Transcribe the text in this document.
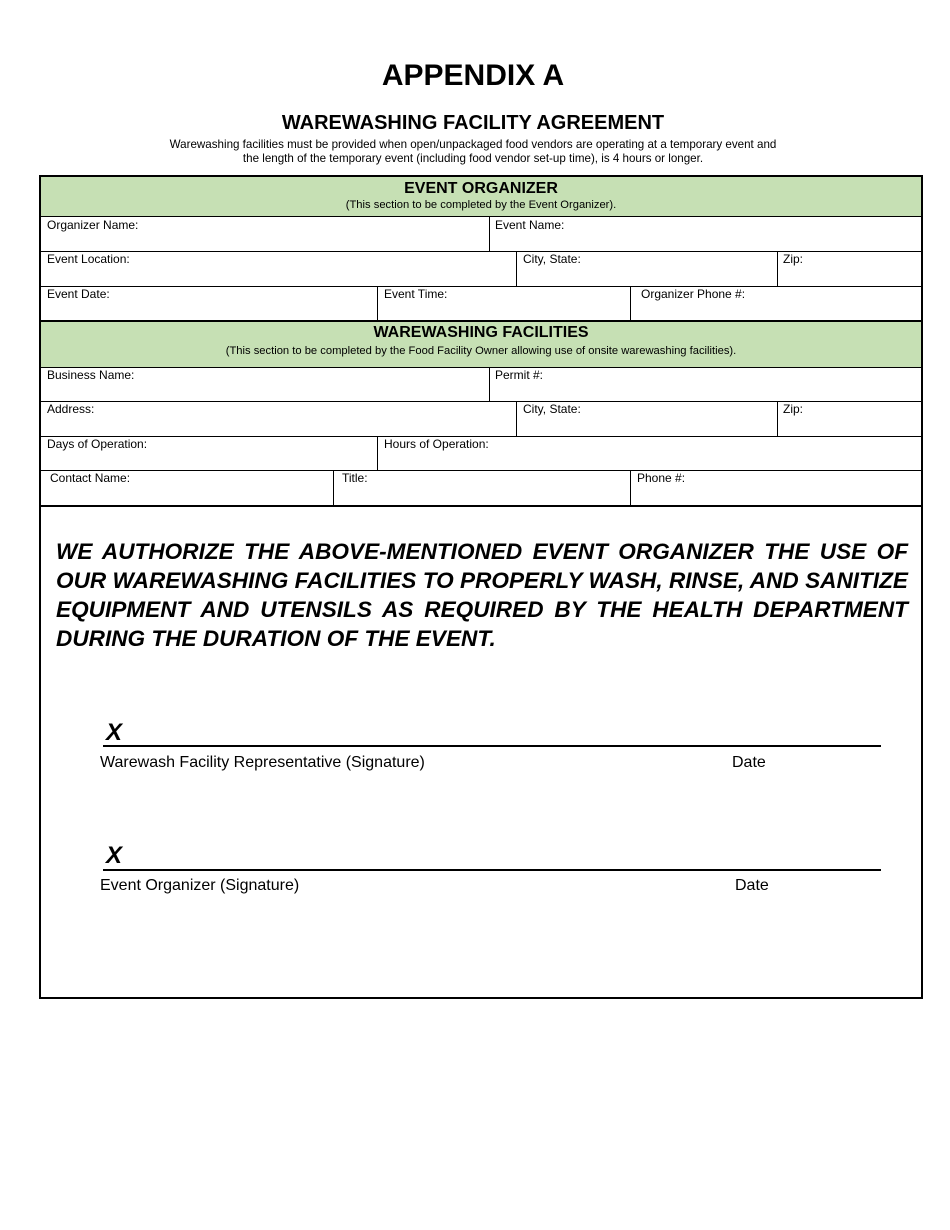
APPENDIX A
WAREWASHING FACILITY AGREEMENT
Warewashing facilities must be provided when open/unpackaged food vendors are operating at a temporary event and
the length of the temporary event (including food vendor set-up time), is 4 hours or longer.
EVENT ORGANIZER
(This section to be completed by the Event Organizer).
Organizer Name:	Event Name:
Event Location:	City, State:	Zip:
Event Date:	Event Time:	Organizer Phone #:
WAREWASHING FACILITIES
(This section to be completed by the Food Facility Owner allowing use of onsite warewashing facilities).
Business Name:	Permit #:
Address:	City, State:	Zip:
Days of Operation:	Hours of Operation:
Contact Name:	Title:	Phone #:
WE AUTHORIZE THE ABOVE-MENTIONED EVENT ORGANIZER THE USE OF OUR WAREWASHING FACILITIES TO PROPERLY WASH, RINSE, AND SANITIZE EQUIPMENT AND UTENSILS AS REQUIRED BY THE HEALTH DEPARTMENT DURING THE DURATION OF THE EVENT.
X
Warewash Facility Representative (Signature)	Date
X
Event Organizer (Signature)	Date
